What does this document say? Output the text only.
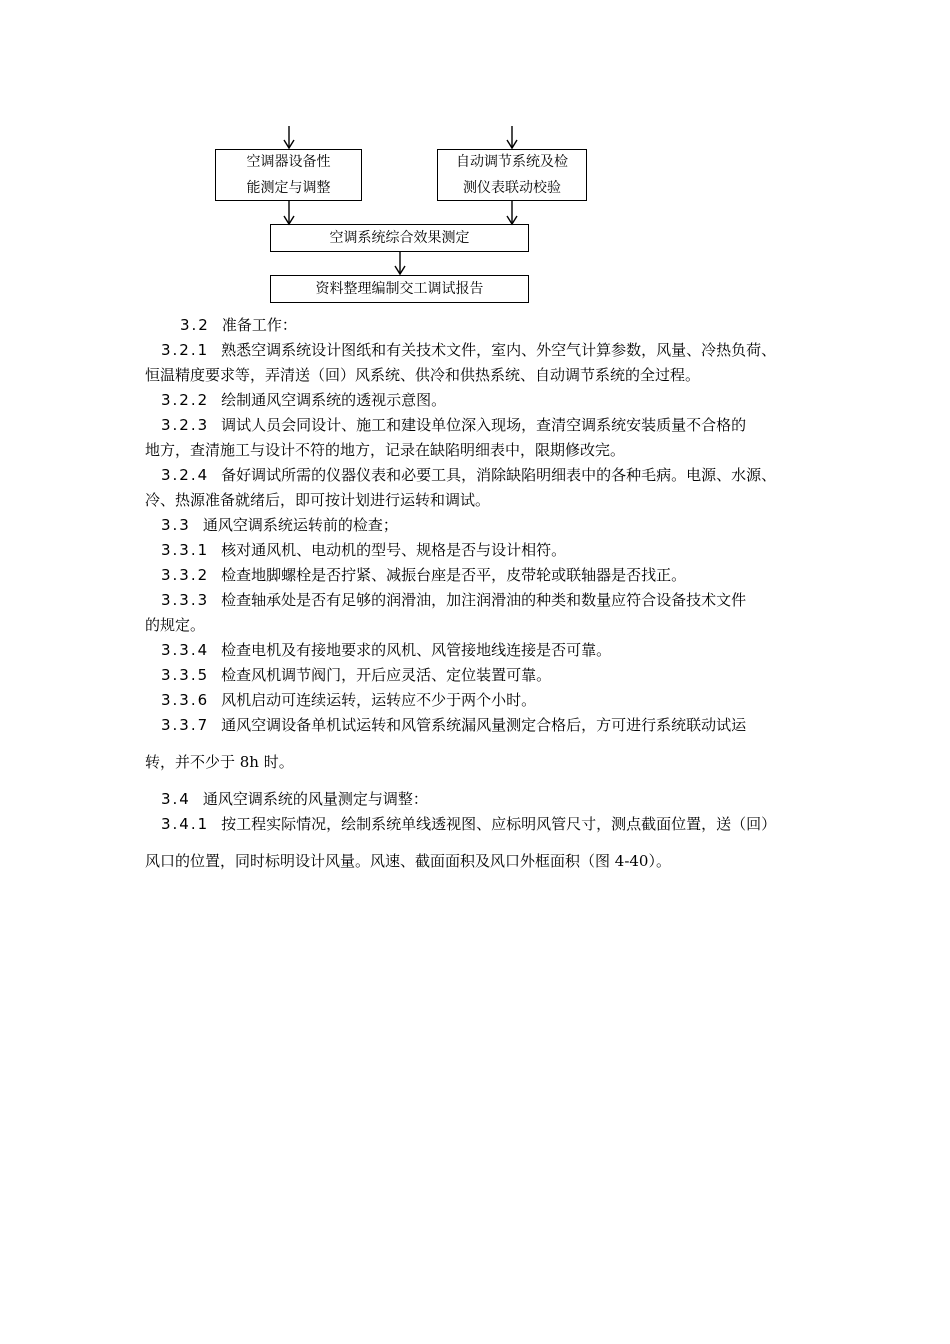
空调器设备性
能测定与调整
自动调节系统及检
测仪表联动校验
空调系统综合效果测定
资料整理编制交工调试报告

3.2 准备工作：

3.2.1 熟悉空调系统设计图纸和有关技术文件，室内、外空气计算参数，风量、冷热负荷、

恒温精度要求等，弄清送（回）风系统、供冷和供热系统、自动调节系统的全过程。

3.2.2 绘制通风空调系统的透视示意图。

3.2.3 调试人员会同设计、施工和建设单位深入现场，查清空调系统安装质量不合格的

地方，查清施工与设计不符的地方，记录在缺陷明细表中，限期修改完。

3.2.4 备好调试所需的仪器仪表和必要工具，消除缺陷明细表中的各种毛病。电源、水源、

冷、热源准备就绪后，即可按计划进行运转和调试。

3.3 通风空调系统运转前的检查；

3.3.1 核对通风机、电动机的型号、规格是否与设计相符。

3.3.2 检查地脚螺栓是否拧紧、减振台座是否平，皮带轮或联轴器是否找正。

3.3.3 检查轴承处是否有足够的润滑油，加注润滑油的种类和数量应符合设备技术文件

的规定。

3.3.4 检查电机及有接地要求的风机、风管接地线连接是否可靠。

3.3.5 检查风机调节阀门，开后应灵活、定位装置可靠。

3.3.6 风机启动可连续运转，运转应不少于两个小时。

3.3.7 通风空调设备单机试运转和风管系统漏风量测定合格后，方可进行系统联动试运

转，并不少于 8h 时。

3.4 通风空调系统的风量测定与调整：

3.4.1 按工程实际情况，绘制系统单线透视图、应标明风管尺寸，测点截面位置，送（回）

风口的位置，同时标明设计风量。风速、截面面积及风口外框面积（图 4-40）。
